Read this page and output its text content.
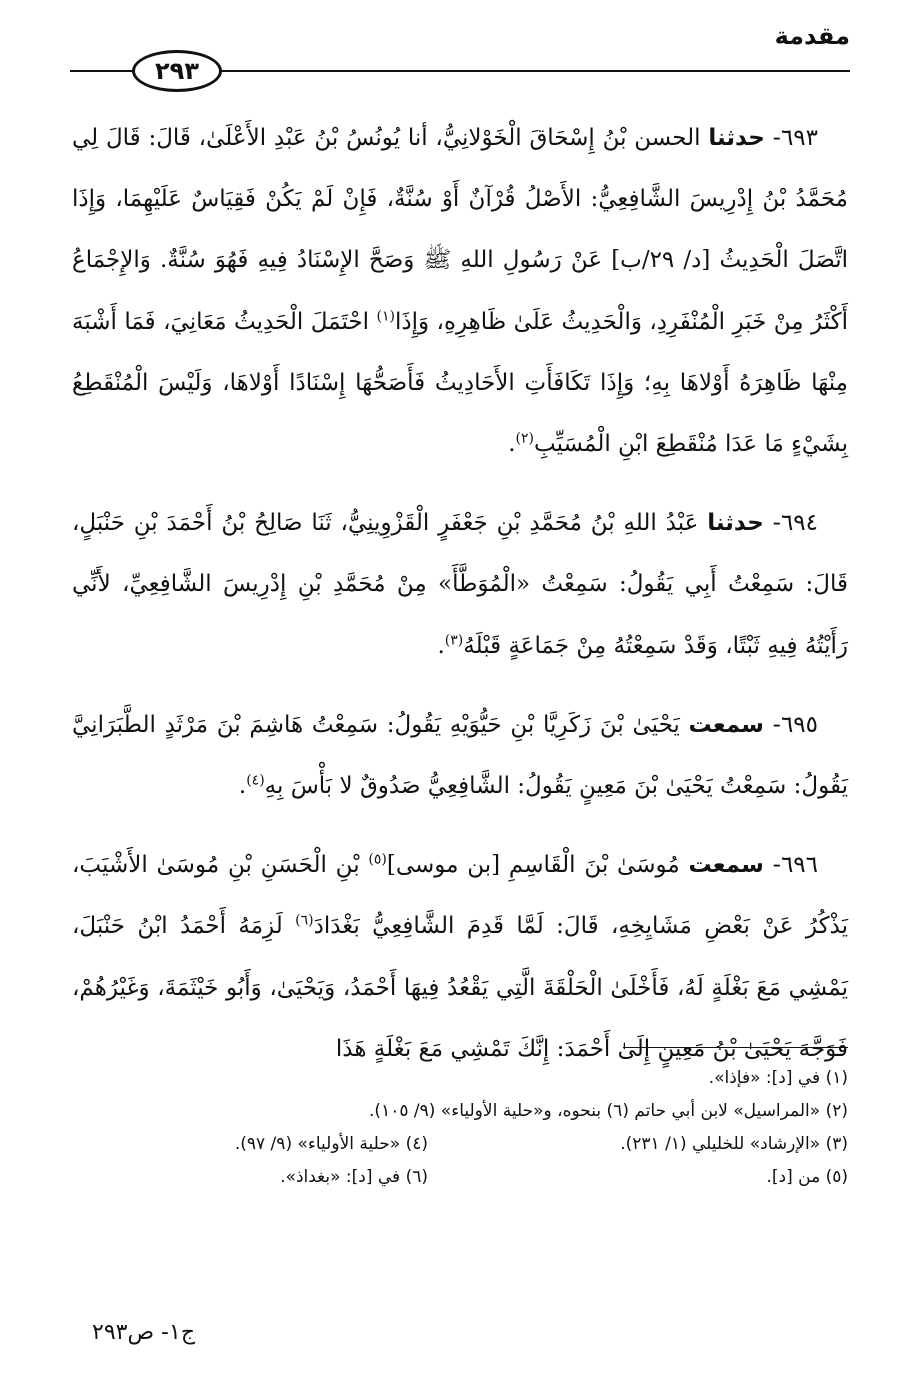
مقدمة
٢٩٣

٦٩٣- حدثنا الحسن بْنُ إِسْحَاقَ الْخَوْلانِيُّ، أنا يُونُسُ بْنُ عَبْدِ الأَعْلَىٰ، قَالَ: قَالَ لِي مُحَمَّدُ بْنُ إِدْرِيسَ الشَّافِعِيُّ: الأَصْلُ قُرْآنٌ أَوْ سُنَّةٌ، فَإِنْ لَمْ يَكُنْ فَقِيَاسٌ عَلَيْهِمَا، وَإِذَا اتَّصَلَ الْحَدِيثُ [د/ ٢٩/ب] عَنْ رَسُولِ اللهِ ﷺ وَصَحَّ الإِسْنَادُ فِيهِ فَهُوَ سُنَّةٌ. وَالإِجْمَاعُ أَكْثَرُ مِنْ خَبَرِ الْمُنْفَرِدِ، وَالْحَدِيثُ عَلَىٰ ظَاهِرِهِ، وَإِذَا$^{(١)}$ احْتَمَلَ الْحَدِيثُ مَعَانِيَ، فَمَا أَشْبَهَ مِنْهَا ظَاهِرَهُ أَوْلاهَا بِهِ؛ وَإِذَا تَكَافَأَتِ الأَحَادِيثُ فَأَصَحُّهَا إِسْنَادًا أَوْلاهَا، وَلَيْسَ الْمُنْقَطِعُ بِشَيْءٍ مَا عَدَا مُنْقَطِعَ ابْنِ الْمُسَيِّبِ$^{(٢)}$.

٦٩٤- حدثنا عَبْدُ اللهِ بْنُ مُحَمَّدِ بْنِ جَعْفَرٍ الْقَزْوِينِيُّ، ثَنَا صَالِحُ بْنُ أَحْمَدَ بْنِ حَنْبَلٍ، قَالَ: سَمِعْتُ أَبِي يَقُولُ: سَمِعْتُ «الْمُوَطَّأَ» مِنْ مُحَمَّدِ بْنِ إِدْرِيسَ الشَّافِعِيِّ، لأَنِّي رَأَيْتُهُ فِيهِ ثَبْتًا، وَقَدْ سَمِعْتُهُ مِنْ جَمَاعَةٍ قَبْلَهُ$^{(٣)}$.

٦٩٥- سمعت يَحْيَىٰ بْنَ زَكَرِيَّا بْنِ حَيُّوَيْهِ يَقُولُ: سَمِعْتُ هَاشِمَ بْنَ مَرْثَدٍ الطَّبَرَانِيَّ يَقُولُ: سَمِعْتُ يَحْيَىٰ بْنَ مَعِينٍ يَقُولُ: الشَّافِعِيُّ صَدُوقٌ لا بَأْسَ بِهِ$^{(٤)}$.

٦٩٦- سمعت مُوسَىٰ بْنَ الْقَاسِمِ [بن موسى]$^{(٥)}$ بْنِ الْحَسَنِ بْنِ مُوسَىٰ الأَشْيَبَ، يَذْكُرُ عَنْ بَعْضِ مَشَايِخِهِ، قَالَ: لَمَّا قَدِمَ الشَّافِعِيُّ بَغْدَادَ$^{(٦)}$ لَزِمَهُ أَحْمَدُ ابْنُ حَنْبَلَ، يَمْشِي مَعَ بَغْلَةٍ لَهُ، فَأَخْلَىٰ الْحَلْقَةَ الَّتِي يَقْعُدُ فِيهَا أَحْمَدُ، وَيَحْيَىٰ، وَأَبُو خَيْثَمَةَ، وَغَيْرُهُمْ، فَوَجَّهَ يَحْيَىٰ بْنُ مَعِينٍ إِلَىٰ أَحْمَدَ: إِنَّكَ تَمْشِي مَعَ بَغْلَةٍ هَذَا

(١) في [د]: «فإذا».
(٢) «المراسيل» لابن أبي حاتم (٦) بنحوه، و«حلية الأولياء» (٩/ ١٠٥).
(٣) «الإرشاد» للخليلي (١/ ٢٣١).
(٤) «حلية الأولياء» (٩/ ٩٧).
(٥) من [د].
(٦) في [د]: «بغداذ».
ج١- ص٢٩٣
